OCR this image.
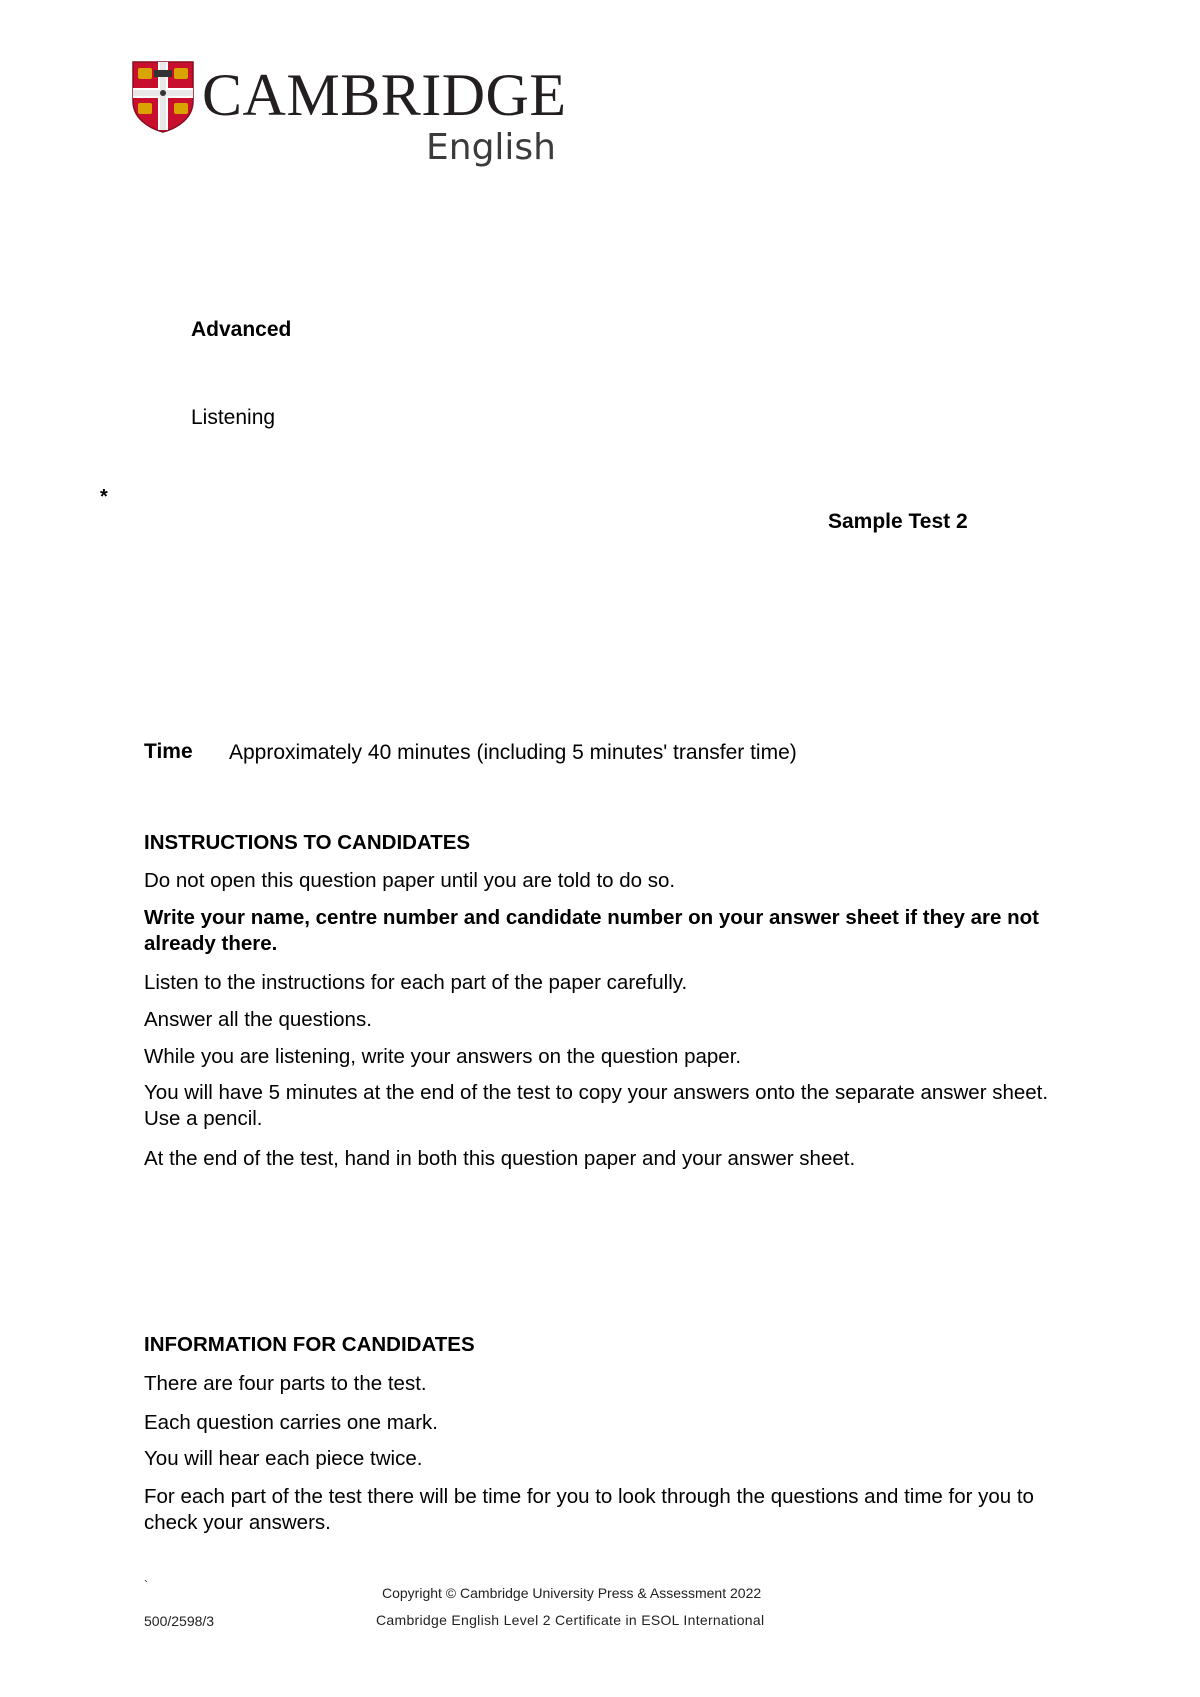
CAMBRIDGE
English
Advanced
Listening
*
Sample Test 2
Time Approximately 40 minutes (including 5 minutes' transfer time)
INSTRUCTIONS TO CANDIDATES
Do not open this question paper until you are told to do so.
Write your name, centre number and candidate number on your answer sheet if they are not already there.
Listen to the instructions for each part of the paper carefully.
Answer all the questions.
While you are listening, write your answers on the question paper.
You will have 5 minutes at the end of the test to copy your answers onto the separate answer sheet. Use a pencil.
At the end of the test, hand in both this question paper and your answer sheet.
INFORMATION FOR CANDIDATES
There are four parts to the test.
Each question carries one mark.
You will hear each piece twice.
For each part of the test there will be time for you to look through the questions and time for you to check your answers.
`
500/2598/3
Copyright © Cambridge University Press & Assessment 2022
Cambridge English Level 2 Certificate in ESOL International
